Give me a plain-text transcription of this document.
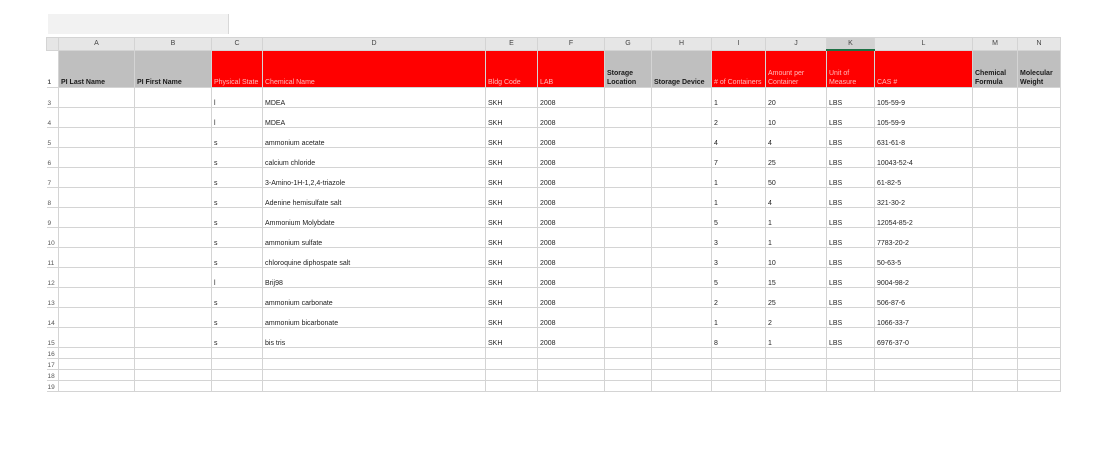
	A	B	C	D	E	F	G	H	I	J	K	L	M	N
1	PI Last Name	PI First Name	Physical State	Chemical Name	Bldg Code	LAB	Storage Location	Storage Device	# of Containers	Amount per Container	Unit of Measure	CAS #	Chemical Formula	Molecular Weight
3			l	MDEA	SKH	2008			1	20	LBS	105-59-9		
4			l	MDEA	SKH	2008			2	10	LBS	105-59-9		
5			s	ammonium acetate	SKH	2008			4	4	LBS	631-61-8		
6			s	calcium chloride	SKH	2008			7	25	LBS	10043-52-4		
7			s	3-Amino-1H-1,2,4-triazole	SKH	2008			1	50	LBS	61-82-5		
8			s	Adenine hemisulfate salt	SKH	2008			1	4	LBS	321-30-2		
9			s	Ammonium Molybdate	SKH	2008			5	1	LBS	12054-85-2		
10			s	ammonium sulfate	SKH	2008			3	1	LBS	7783-20-2		
11			s	chloroquine diphospate salt	SKH	2008			3	10	LBS	50-63-5		
12			l	Brij98	SKH	2008			5	15	LBS	9004-98-2		
13			s	ammonium carbonate	SKH	2008			2	25	LBS	506-87-6		
14			s	ammonium bicarbonate	SKH	2008			1	2	LBS	1066-33-7		
15			s	bis tris	SKH	2008			8	1	LBS	6976-37-0		
16														
17														
18														
19														
